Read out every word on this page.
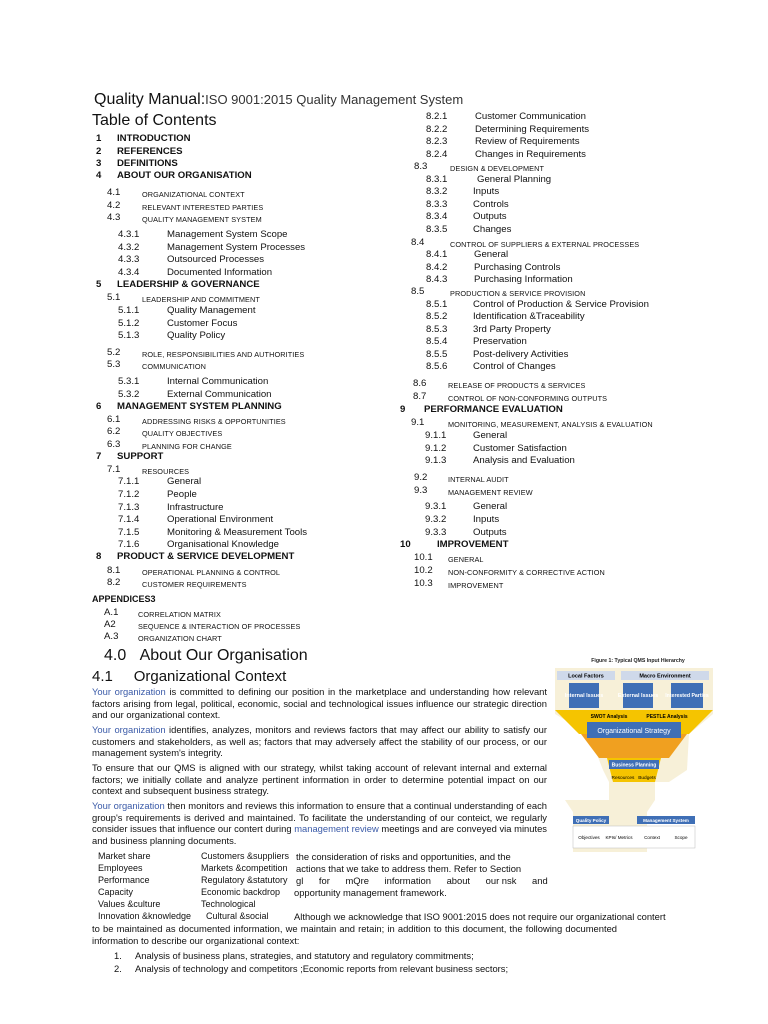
Quality Manual:ISO 9001:2015 Quality Management System
Table of Contents
1 INTRODUCTION
2 REFERENCES
3 DEFINITIONS
4 ABOUT OUR ORGANISATION
4.1	ORGANIZATIONAL CONTEXT
4.2	RELEVANT INTERESTED PARTIES
4.3	QUALITY MANAGEMENT SYSTEM
4.3.1	Management System Scope
4.3.2	Management System Processes
4.3.3	Outsourced Processes
4.3.4	Documented Information
5 LEADERSHIP & GOVERNANCE
5.1	LEADERSHIP AND COMMITMENT
5.1.1	Quality Management
5.1.2	Customer Focus
5.1.3	Quality Policy
5.2	ROLE, RESPONSIBILITIES AND AUTHORITIES
5.3	COMMUNICATION
5.3.1	Internal Communication
5.3.2	External Communication
6 MANAGEMENT SYSTEM PLANNING
6.1	ADDRESSING RISKS & OPPORTUNITIES
6.2	QUALITY OBJECTIVES
6.3	PLANNING FOR CHANGE
7 SUPPORT
7.1	RESOURCES
7.1.1	General
7.1.2	People
7.1.3	Infrastructure
7.1.4	Operational Environment
7.1.5	Monitoring & Measurement Tools
7.1.6	Organisational Knowledge
8 PRODUCT & SERVICE DEVELOPMENT
8.1	OPERATIONAL PLANNING & CONTROL
8.2	CUSTOMER REQUIREMENTS
8.2.1	Customer Communication
8.2.2	Determining Requirements
8.2.3	Review of Requirements
8.2.4	Changes in Requirements
8.3	DESIGN & DEVELOPMENT
8.3.1	General Planning
8.3.2	Inputs
8.3.3	Controls
8.3.4	Outputs
8.3.5	Changes
8.4	CONTROL OF SUPPLIERS & EXTERNAL PROCESSES
8.4.1	General
8.4.2	Purchasing Controls
8.4.3	Purchasing Information
8.5	PRODUCTION & SERVICE PROVISION
8.5.1	Control of Production & Service Provision
8.5.2	Identification &Traceability
8.5.3	3rd Party Property
8.5.4	Preservation
8.5.5	Post-delivery Activities
8.5.6	Control of Changes
8.6	RELEASE OF PRODUCTS & SERVICES
8.7	CONTROL OF NON-CONFORMING OUTPUTS
9 PERFORMANCE EVALUATION
9.1	MONITORING, MEASUREMENT, ANALYSIS & EVALUATION
9.1.1	General
9.1.2	Customer Satisfaction
9.1.3	Analysis and Evaluation
9.2	INTERNAL AUDIT
9.3	MANAGEMENT REVIEW
9.3.1	General
9.3.2	Inputs
9.3.3	Outputs
10	IMPROVEMENT
10.1 GENERAL
10.2 NON-CONFORMITY & CORRECTIVE ACTION
10.3 IMPROVEMENT
APPENDICES3
A.1	CORRELATION MATRIX
A2	SEQUENCE & INTERACTION OF PROCESSES
A.3	ORGANIZATION CHART
4.0 About Our Organisation
4.1 Organizational Context
Your organization is committed to defining our position in the marketplace and understanding how relevant factors arising from legal, political, economic, social and technological issues influence our strategic direction and our organizational context.
Your organization identifies, analyzes, monitors and reviews factors that may affect our ability to satisfy our customers and stakeholders, as well as; factors that may adversely affect the stability of our process, or our management system's integrity.
To ensure that our QMS is aligned with our strategy, whilst taking account of relevant internal and external factors; we initially collate and analyze pertinent information in order to determine potential impact on our context and subsequent business strategy.
Your organization then monitors and reviews this information to ensure that a continual understanding of each group's requirements is derived and maintained. To facilitate the understanding of our conteict, we regularly consider issues that influence our contert during management review meetings and are conveyed via minutes and business planning documents.
Market share	Customers &suppliers the consideration of risks and opportunities, and the
Employees	Markets &competition actions that we take to address them. Refer to Section
Performance	Regulatory &statutory gl      for      mQre      information      about      our nsk      and
Capacity	Economic backdrop opportunity management framework.
Values &culture	Technological
Innovation &knowledge Cultural &social	Although we acknowledge that ISO 9001:2015 does not require our organizational contert
to be maintained as documented information, we maintain and retain; in addition to this document, the following documented information to describe our organizational context:
1. Analysis of business plans, strategies, and statutory and regulatory commitments;
2. Analysis of technology and competitors ;Economic reports from relevant business sectors;
Figure 1: Typical QMS Input Hierarchy
Local Factors	Macro Environment
Internal Issues	External Issues Interested Parties
SWOT Analysis	PESTLE Analysis
Organizational Strategy
Business Planning
Resources Budgets
Quality Policy	Management System
Objectives KPIs/ Metrics	Context	Scope
